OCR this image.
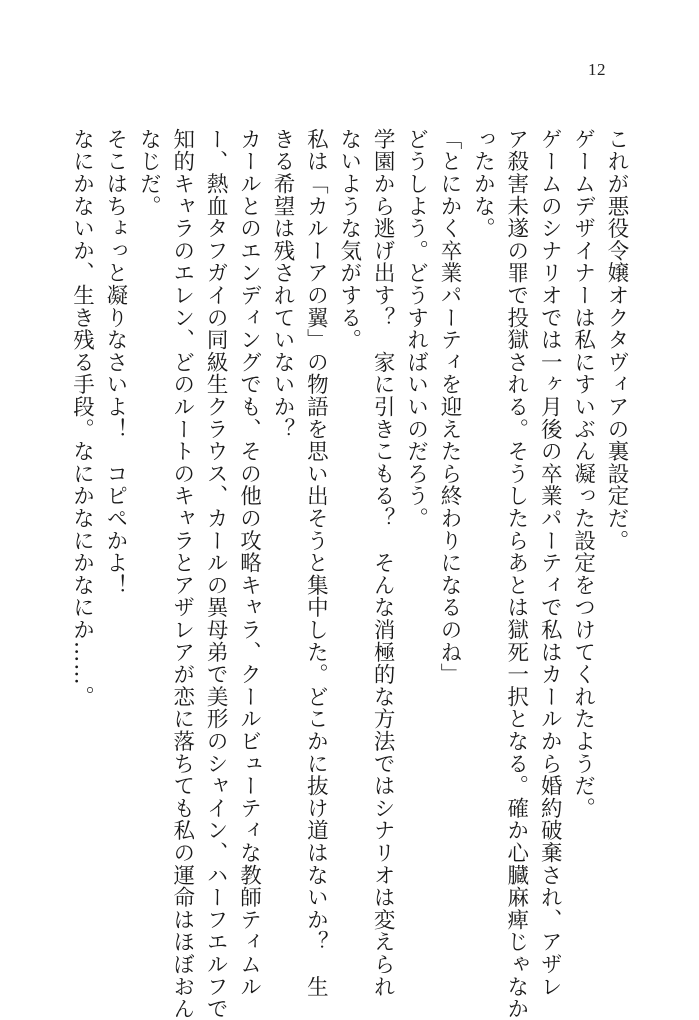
12
これが悪役令嬢オクタヴィアの裏設定だ。
ゲームデザイナーは私にすいぶん凝った設定をつけてくれたようだ。
ゲームのシナリオでは一ヶ月後の卒業パーティで私はカールから婚約破棄され、アザレ
ア殺害未遂の罪で投獄される。そうしたらあとは獄死一択となる。確か心臓麻痺じゃなか
ったかな。
「とにかく卒業パーティを迎えたら終わりになるのね」
どうしよう。どうすればいいのだろう。
学園から逃げ出す？　家に引きこもる？　そんな消極的な方法ではシナリオは変えられ
ないような気がする。
私は「カルーアの翼」の物語を思い出そうと集中した。どこかに抜け道はないか？　生
きる希望は残されていないか？
カールとのエンディングでも、その他の攻略キャラ、クールビューティな教師ティムル
ー、熱血タフガイの同級生クラウス、カールの異母弟で美形のシャイン、ハーフエルフで
知的キャラのエレン、どのルートのキャラとアザレアが恋に落ちても私の運命はほぼおん
なじだ。
そこはちょっと凝りなさいよ！　コピペかよ！
なにかないか、生き残る手段。なにかなにかなにか……。
